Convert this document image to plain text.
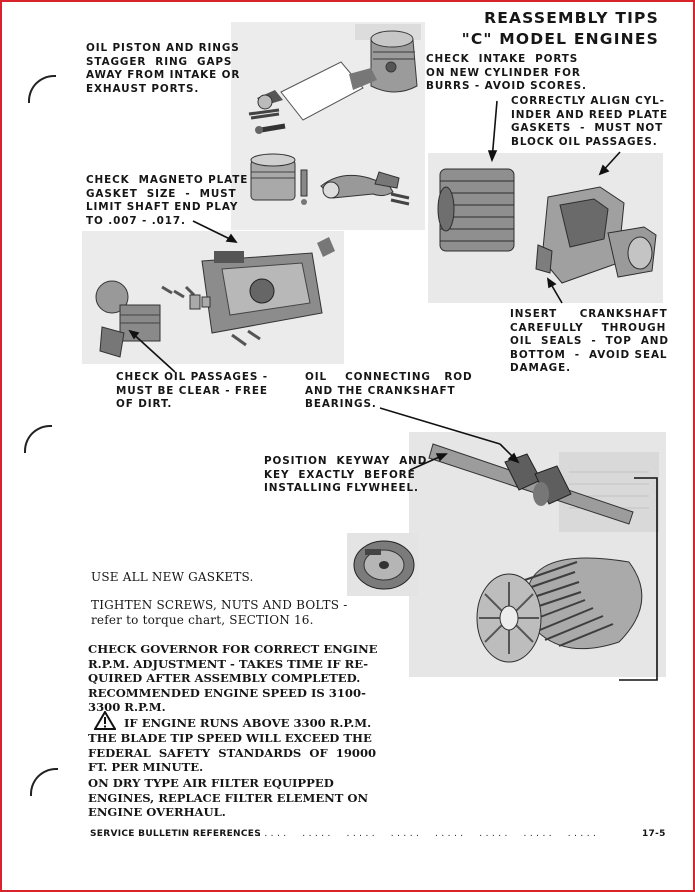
REASSEMBLY TIPS
"C" MODEL ENGINES
OIL PISTON AND RINGS
STAGGER  RING  GAPS
AWAY FROM INTAKE OR
EXHAUST PORTS.
CHECK  INTAKE  PORTS
ON NEW CYLINDER FOR
BURRS - AVOID SCORES.
CORRECTLY ALIGN CYL-
INDER AND REED PLATE
GASKETS  -  MUST NOT
BLOCK OIL PASSAGES.
CHECK  MAGNETO PLATE
GASKET  SIZE  -  MUST
LIMIT SHAFT END PLAY
TO .007 - .017.
INSERT     CRANKSHAFT
CAREFULLY    THROUGH
OIL  SEALS  -  TOP  AND
BOTTOM  -  AVOID SEAL
DAMAGE.
CHECK OIL PASSAGES -
MUST BE CLEAR - FREE
OF DIRT.
OIL    CONNECTING   ROD
AND THE CRANKSHAFT
BEARINGS.
POSITION  KEYWAY  AND
KEY  EXACTLY  BEFORE
INSTALLING FLYWHEEL.
USE ALL NEW GASKETS.
TIGHTEN SCREWS, NUTS AND BOLTS -
refer to torque chart, SECTION 16.
CHECK GOVERNOR FOR CORRECT ENGINE
R.P.M. ADJUSTMENT - TAKES TIME IF RE-
QUIRED AFTER ASSEMBLY COMPLETED.
RECOMMENDED ENGINE SPEED IS 3100-
3300 R.P.M.
IF ENGINE RUNS ABOVE 3300 R.P.M.
THE BLADE TIP SPEED WILL EXCEED THE
FEDERAL  SAFETY  STANDARDS  OF  19000
FT. PER MINUTE.
ON DRY TYPE AIR FILTER EQUIPPED
ENGINES, REPLACE FILTER ELEMENT ON
ENGINE OVERHAUL.
SERVICE BULLETIN REFERENCES
. . . . .     . . . . .     . . . . .     . . . . .     . . . . .     . . . . .     . . . . .     . . . . .	17-5
